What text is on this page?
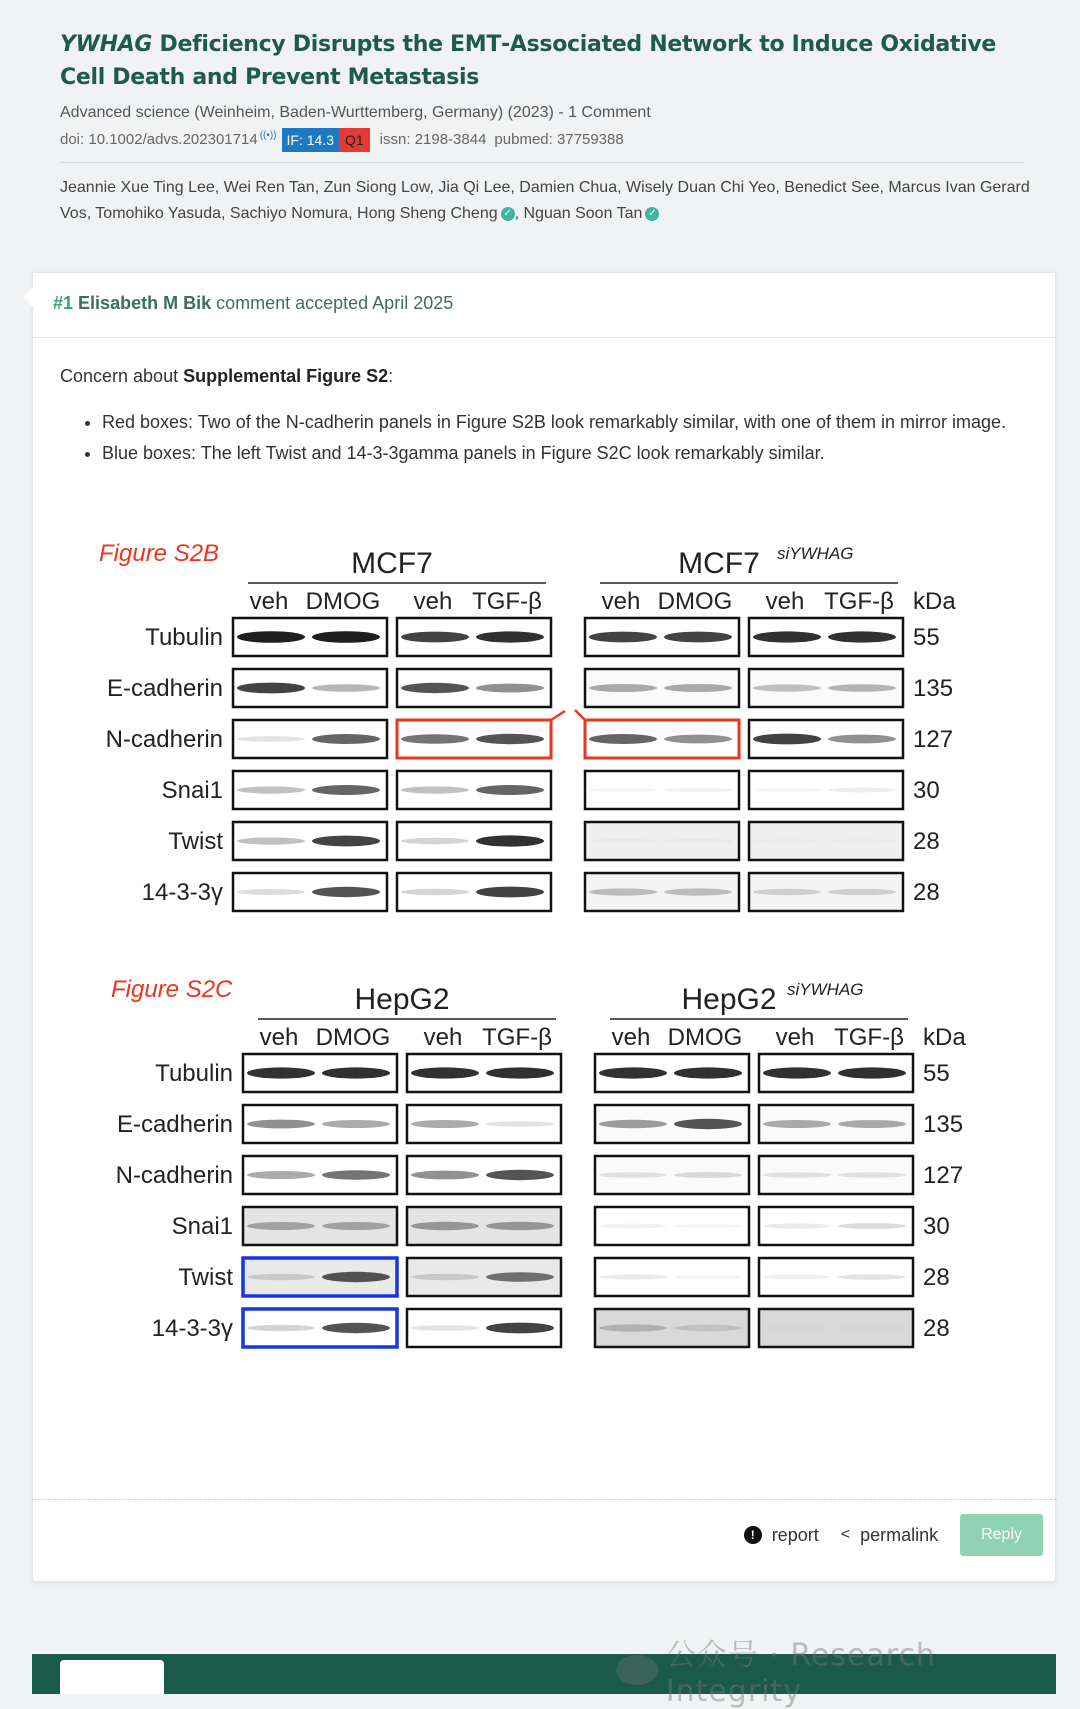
YWHAG Deficiency Disrupts the EMT‑Associated Network to Induce Oxidative Cell Death and Prevent Metastasis
Advanced science (Weinheim, Baden-Wurttemberg, Germany) (2023) - 1 Comment
doi: 10.1002/advs.202301714 ((•)) IF: 14.3 Q1	issn: 2198-3844 pubmed: 37759388
Jeannie Xue Ting Lee, Wei Ren Tan, Zun Siong Low, Jia Qi Lee, Damien Chua, Wisely Duan Chi Yeo, Benedict See, Marcus Ivan Gerard Vos, Tomohiko Yasuda, Sachiyo Nomura, Hong Sheng Cheng ✓ , Nguan Soon Tan ✓
#1 Elisabeth M Bik comment accepted April 2025
Concern about Supplemental Figure S2:
• Red boxes: Two of the N-cadherin panels in Figure S2B look remarkably similar, with one of them in mirror image.
• Blue boxes: The left Twist and 14-3-3gamma panels in Figure S2C look remarkably similar.
Figure S2B	MCF7	MCF7 siYWHAG
veh DMOG veh TGF-β veh DMOG veh TGF-β kDa
Tubulin	55
E-cadherin	135
N-cadherin	127
Snai1	30
Twist	28
14-3-3γ	28
Figure S2C	HepG2	HepG2 siYWHAG
veh DMOG veh TGF-β veh DMOG veh TGF-β kDa
Tubulin	55
E-cadherin	135
N-cadherin	127
Snai1	30
Twist	28
14-3-3γ	28
! report < permalink	Reply
公众号 · Research Integrity
